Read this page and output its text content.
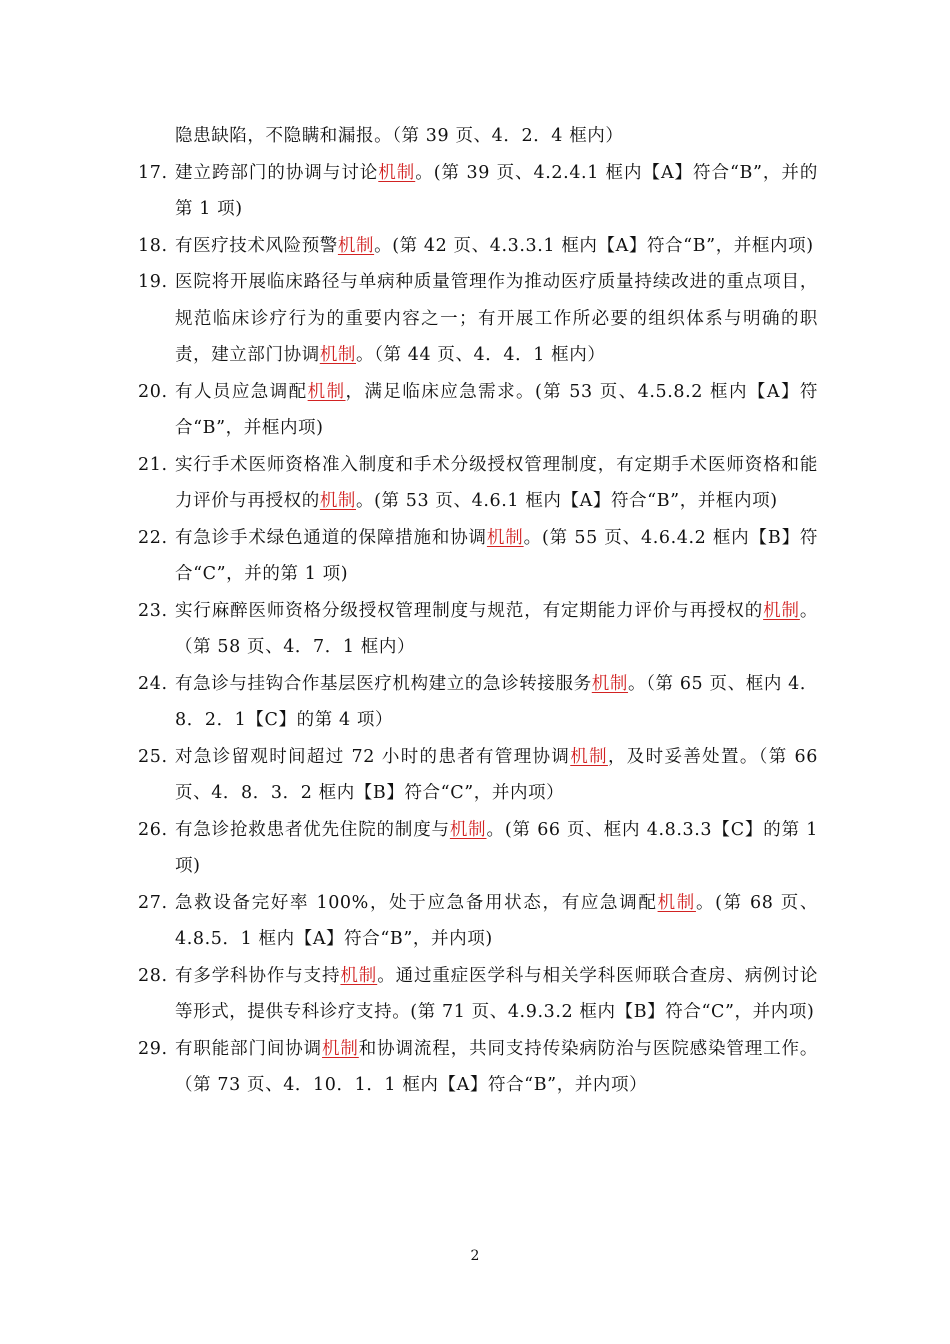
隐患缺陷，不隐瞒和漏报。（第 39 页、4．2．4 框内）
17. 建立跨部门的协调与讨论机制。(第 39 页、4.2.4.1 框内【A】符合“B”，并的第 1 项)
18. 有医疗技术风险预警机制。(第 42 页、4.3.3.1 框内【A】符合“B”，并框内项)
19. 医院将开展临床路径与单病种质量管理作为推动医疗质量持续改进的重点项目，规范临床诊疗行为的重要内容之一；有开展工作所必要的组织体系与明确的职责，建立部门协调机制。（第 44 页、4．4．1 框内）
20. 有人员应急调配机制，满足临床应急需求。(第 53 页、4.5.8.2 框内【A】符合“B”，并框内项)
21. 实行手术医师资格准入制度和手术分级授权管理制度，有定期手术医师资格和能力评价与再授权的机制。(第 53 页、4.6.1 框内【A】符合“B”，并框内项)
22. 有急诊手术绿色通道的保障措施和协调机制。(第 55 页、4.6.4.2 框内【B】符合“C”，并的第 1 项)
23. 实行麻醉医师资格分级授权管理制度与规范，有定期能力评价与再授权的机制。（第 58 页、4．7．1 框内）
24. 有急诊与挂钩合作基层医疗机构建立的急诊转接服务机制。（第 65 页、框内 4．8．2．1【C】的第 4 项）
25. 对急诊留观时间超过 72 小时的患者有管理协调机制，及时妥善处置。（第 66 页、4．8．3．2 框内【B】符合“C”，并内项）
26. 有急诊抢救患者优先住院的制度与机制。(第 66 页、框内 4.8.3.3【C】的第 1 项)
27. 急救设备完好率 100%，处于应急备用状态，有应急调配机制。(第 68 页、4.8.5．1 框内【A】符合“B”，并内项)
28. 有多学科协作与支持机制。通过重症医学科与相关学科医师联合查房、病例讨论等形式，提供专科诊疗支持。(第 71 页、4.9.3.2 框内【B】符合“C”，并内项)
29. 有职能部门间协调机制和协调流程，共同支持传染病防治与医院感染管理工作。（第 73 页、4．10．1．1 框内【A】符合“B”，并内项）
2
